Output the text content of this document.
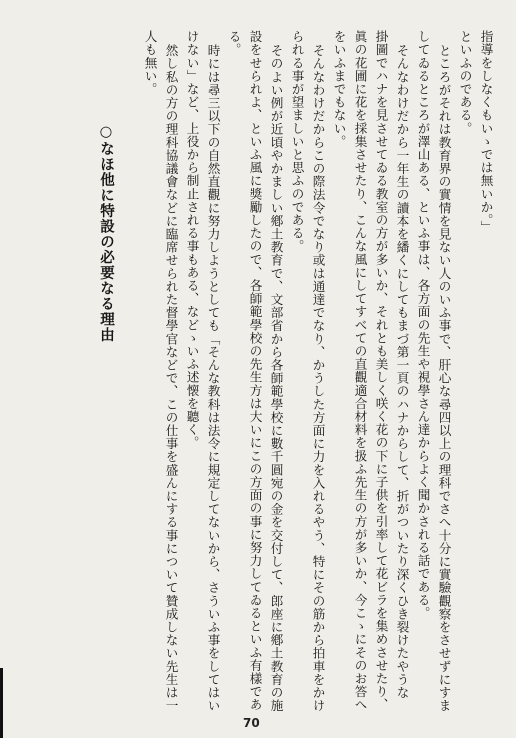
指導をしなくもいゝでは無いか。」
といふのである。
ところがそれは教育界の實情を見ない人のいふ事で、肝心な尋四以上の理科でさへ十分に實驗觀察をさせずにすま
してゐるところが澤山ある、といふ事は、各方面の先生や視學さん達からよく聞かされる話である。
そんなわけだから一年生の讀本を繙くにしてもまづ第一頁のハナからして、折がついたり深くひき裂けたやうな
掛圖でハナを見させてゐる教室の方が多いか、それとも美しく咲く花の下に子供を引率して花ビラを集めさせたり、
眞の花圃に花を採集させたり、こんな風にしてすべての直觀適合材料を扱ふ先生の方が多いか、今こゝにそのお答へ
をいふまでもない。
そんなわけだからこの際法令でなり或は通達でなり、かうした方面に力を入れるやう、特にその筋から拍車をかけ
られる事が望ましいと思ふのである。
そのよい例が近頃やかましい鄕土教育で、文部省から各師範學校に數千圓宛の金を交付して、郎座に鄕土教育の施
設をせられよ、といふ風に獎勵したので、各師範學校の先生方は大いにこの方面の事に努力してゐるといふ有樣であ
る。
時には尋三以下の自然直觀に努力しようとしても「そんな教科は法令に規定してないから、さういふ事をしてはい
けない」など、上役から制止される事もある、などゝいふ述懐を聽く。
然し私の方の理科協議會などに臨席せられた督學官などで、この仕事を盛んにする事について贊成しない先生は一
人も無い。
○なほ他に特設の必要なる理由
70
